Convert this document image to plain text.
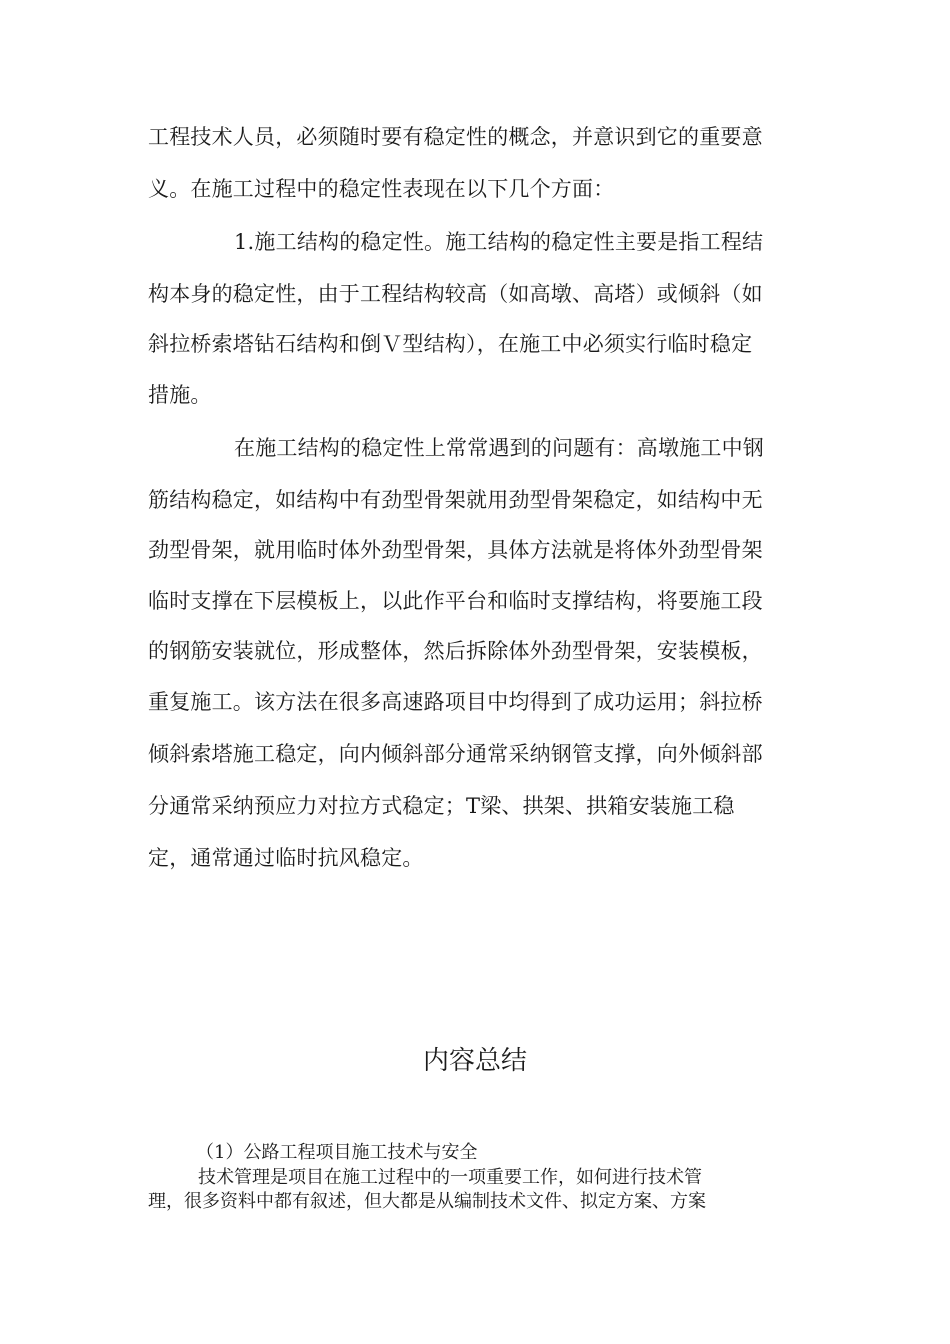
工程技术人员，必须随时要有稳定性的概念，并意识到它的重要意
义。在施工过程中的稳定性表现在以下几个方面：
1.施工结构的稳定性。施工结构的稳定性主要是指工程结
构本身的稳定性，由于工程结构较高（如高墩、高塔）或倾斜（如
斜拉桥索塔钻石结构和倒Ｖ型结构），在施工中必须实行临时稳定
措施。
在施工结构的稳定性上常常遇到的问题有：高墩施工中钢
筋结构稳定，如结构中有劲型骨架就用劲型骨架稳定，如结构中无
劲型骨架，就用临时体外劲型骨架，具体方法就是将体外劲型骨架
临时支撑在下层模板上，以此作平台和临时支撑结构，将要施工段
的钢筋安装就位，形成整体，然后拆除体外劲型骨架，安装模板，
重复施工。该方法在很多高速路项目中均得到了成功运用；斜拉桥
倾斜索塔施工稳定，向内倾斜部分通常采纳钢管支撑，向外倾斜部
分通常采纳预应力对拉方式稳定；T梁、拱架、拱箱安装施工稳
定，通常通过临时抗风稳定。
内容总结
（1）公路工程项目施工技术与安全
技术管理是项目在施工过程中的一项重要工作，如何进行技术管
理，很多资料中都有叙述，但大都是从编制技术文件、拟定方案、方案
